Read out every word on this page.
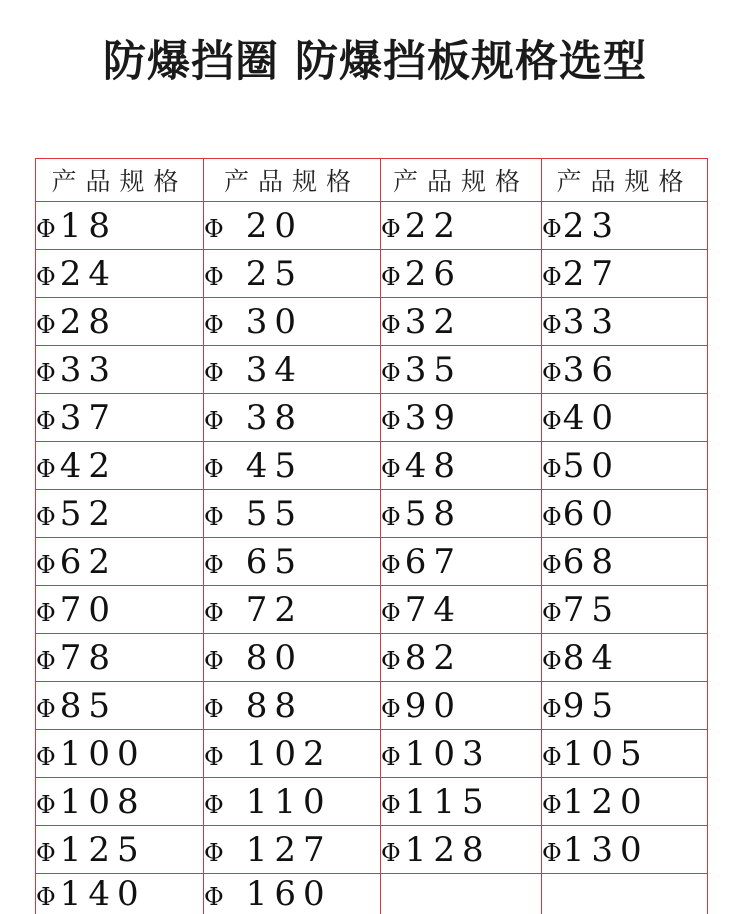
防爆挡圈 防爆挡板规格选型
产品规格	产品规格	产品规格	产品规格
Φ 18	Φ 20	Φ 22	Φ23
Φ 24	Φ 25	Φ 26	Φ27
Φ 28	Φ 30	Φ 32	Φ33
Φ 33	Φ 34	Φ 35	Φ36
Φ 37	Φ 38	Φ 39	Φ40
Φ 42	Φ 45	Φ 48	Φ50
Φ 52	Φ 55	Φ 58	Φ60
Φ 62	Φ 65	Φ 67	Φ68
Φ 70	Φ 72	Φ 74	Φ75
Φ 78	Φ 80	Φ 82	Φ84
Φ 85	Φ 88	Φ 90	Φ95
Φ 100	Φ 102	Φ 103	Φ105
Φ 108	Φ 110	Φ 115	Φ120
Φ 125	Φ 127	Φ 128	Φ130
Φ 140	Φ 160		
